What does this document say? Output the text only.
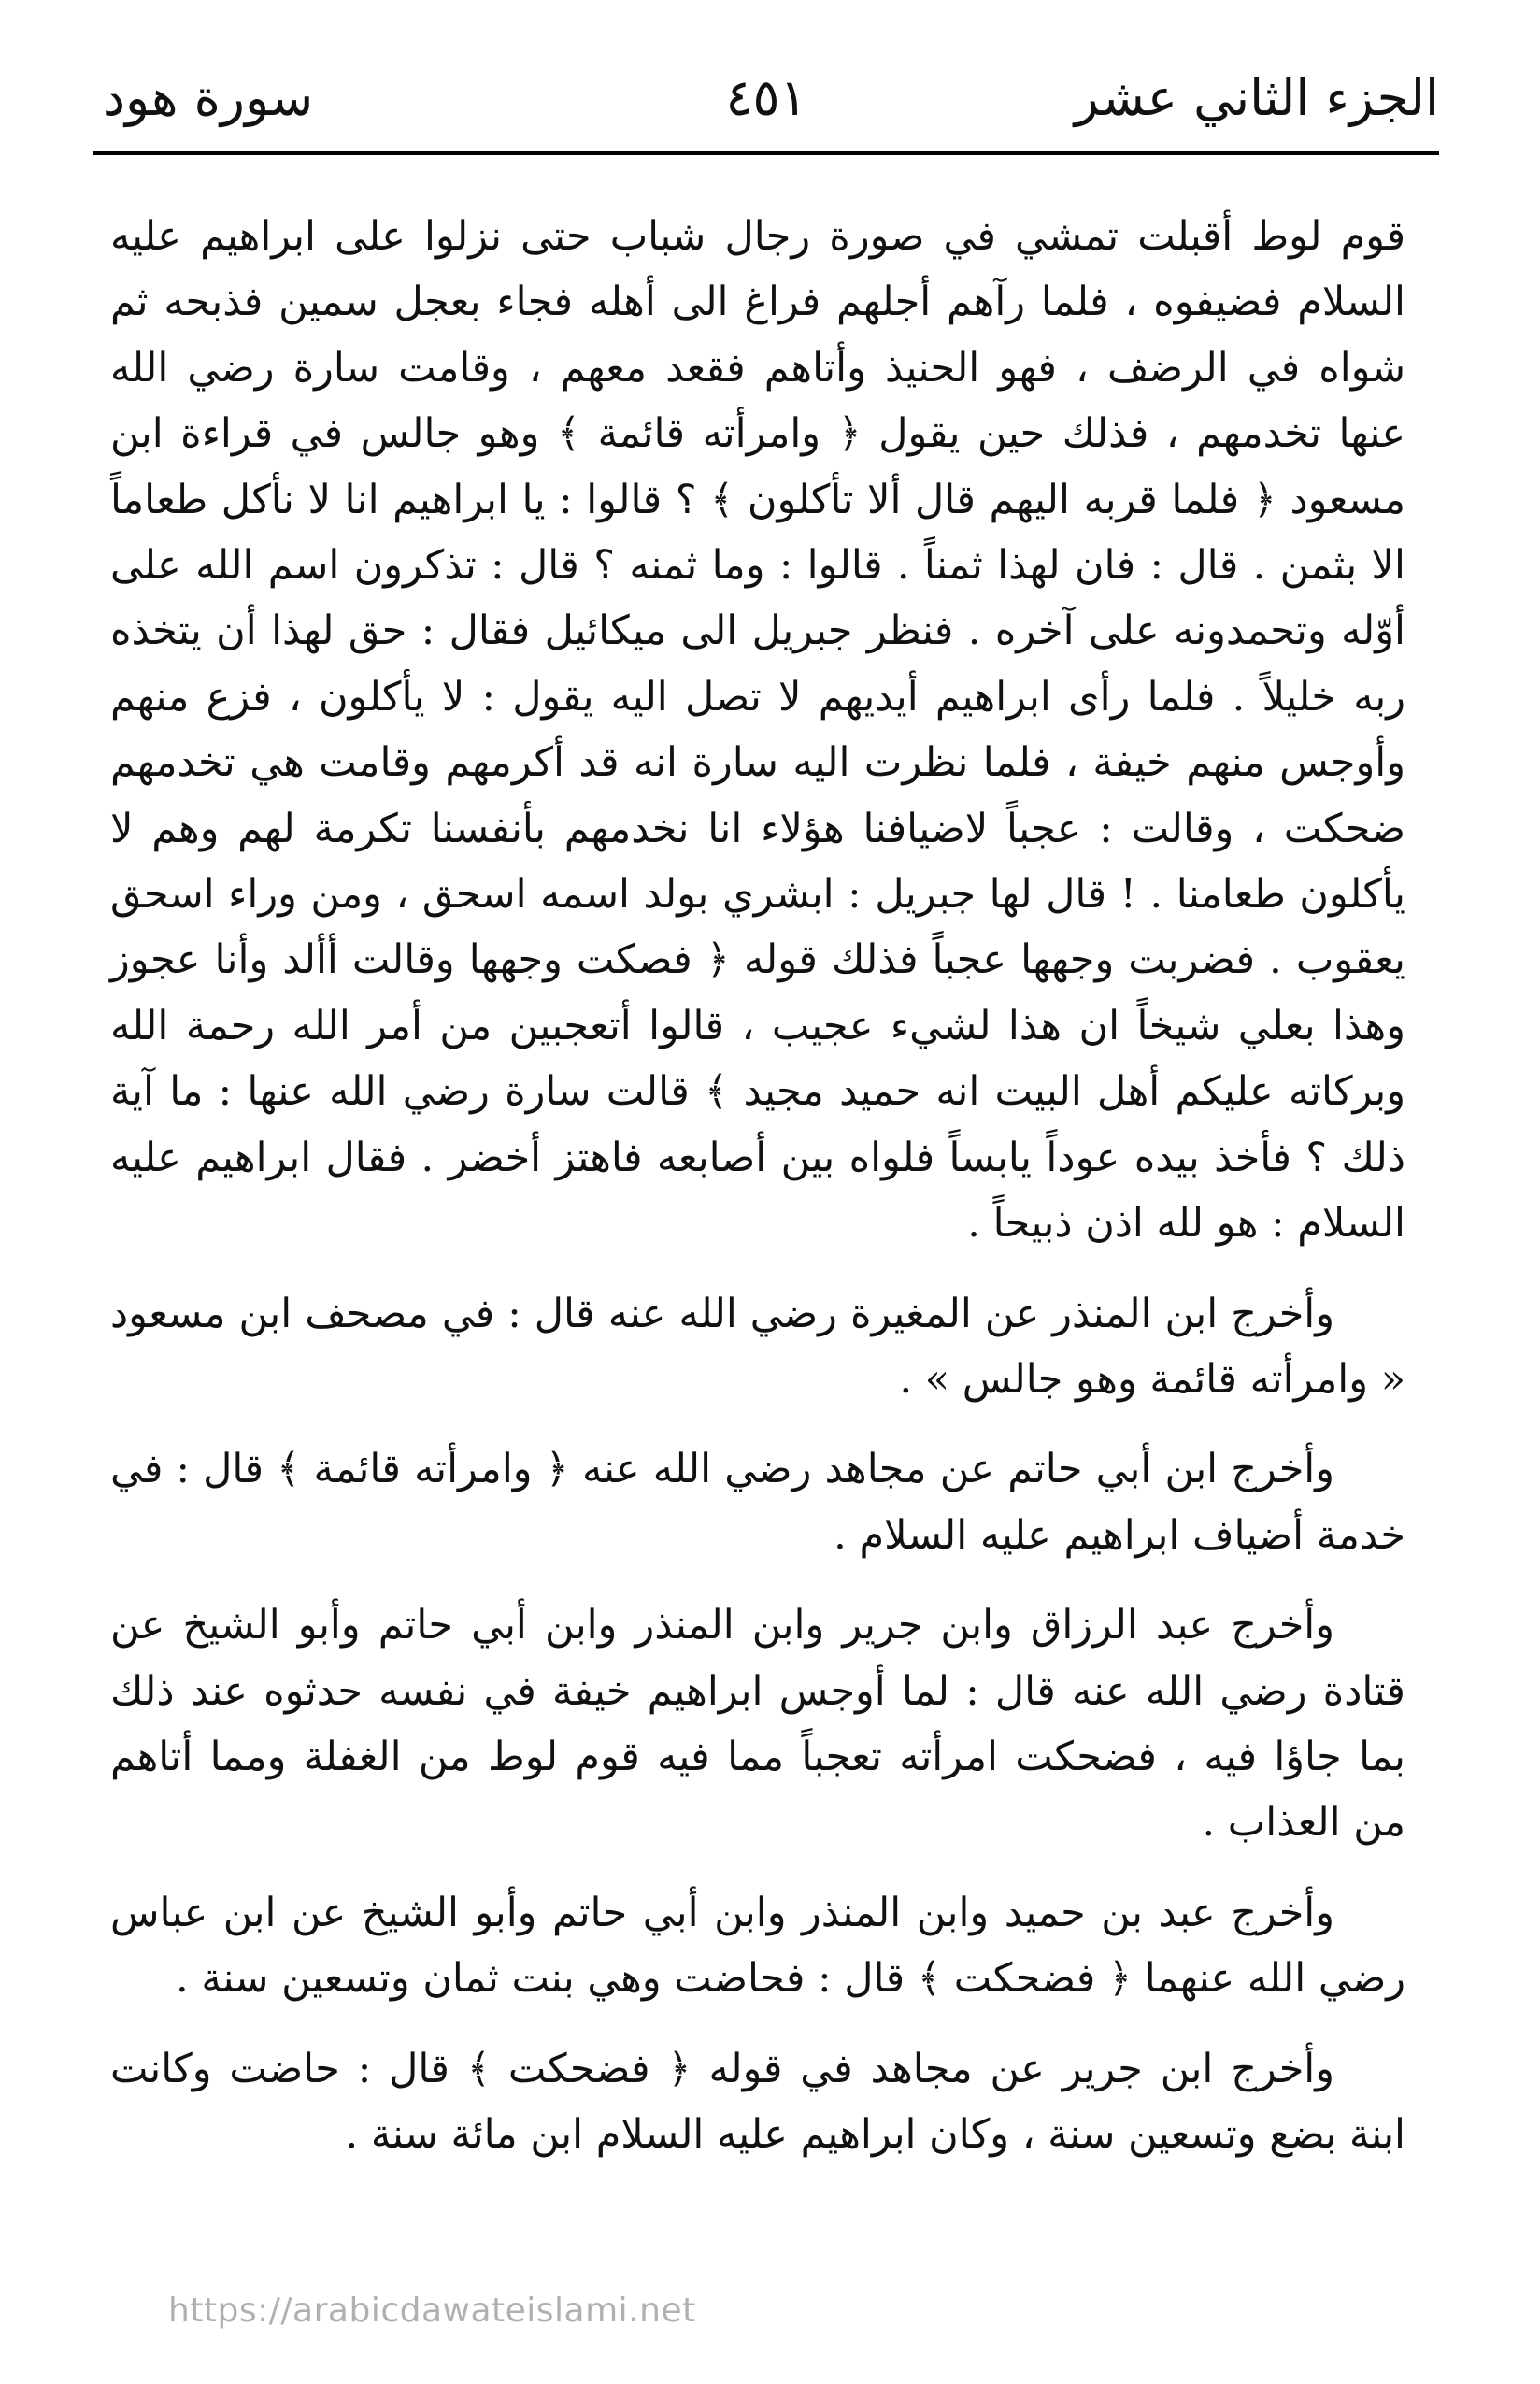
الجزء الثاني عشر
٤٥١
سورة هود

قوم لوط أقبلت تمشي في صورة رجال شباب حتى نزلوا على ابراهيم عليه السلام فضيفوه ، فلما رآهم أجلهم فراغ الى أهله فجاء بعجل سمين فذبحه ثم شواه في الرضف ، فهو الحنيذ وأتاهم فقعد معهم ، وقامت سارة رضي الله عنها تخدمهم ، فذلك حين يقول ﴿ وامرأته قائمة ﴾ وهو جالس في قراءة ابن مسعود ﴿ فلما قربه اليهم قال ألا تأكلون ﴾ ؟ قالوا : يا ابراهيم انا لا نأكل طعاماً الا بثمن . قال : فان لهذا ثمناً . قالوا : وما ثمنه ؟ قال : تذكرون اسم الله على أوّله وتحمدونه على آخره . فنظر جبريل الى ميكائيل فقال : حق لهذا أن يتخذه ربه خليلاً . فلما رأى ابراهيم أيديهم لا تصل اليه يقول : لا يأكلون ، فزع منهم وأوجس منهم خيفة ، فلما نظرت اليه سارة انه قد أكرمهم وقامت هي تخدمهم ضحكت ، وقالت : عجباً لاضيافنا هؤلاء انا نخدمهم بأنفسنا تكرمة لهم وهم لا يأكلون طعامنا . ! قال لها جبريل : ابشري بولد اسمه اسحق ، ومن وراء اسحق يعقوب . فضربت وجهها عجباً فذلك قوله ﴿ فصكت وجهها وقالت أألد وأنا عجوز وهذا بعلي شيخاً ان هذا لشيء عجيب ، قالوا أتعجبين من أمر الله رحمة الله وبركاته عليكم أهل البيت انه حميد مجيد ﴾ قالت سارة رضي الله عنها : ما آية ذلك ؟ فأخذ بيده عوداً يابساً فلواه بين أصابعه فاهتز أخضر . فقال ابراهيم عليه السلام : هو لله اذن ذبيحاً .

وأخرج ابن المنذر عن المغيرة رضي الله عنه قال : في مصحف ابن مسعود « وامرأته قائمة وهو جالس » .

وأخرج ابن أبي حاتم عن مجاهد رضي الله عنه ﴿ وامرأته قائمة ﴾ قال : في خدمة أضياف ابراهيم عليه السلام .

وأخرج عبد الرزاق وابن جرير وابن المنذر وابن أبي حاتم وأبو الشيخ عن قتادة رضي الله عنه قال : لما أوجس ابراهيم خيفة في نفسه حدثوه عند ذلك بما جاؤا فيه ، فضحكت امرأته تعجباً مما فيه قوم لوط من الغفلة ومما أتاهم من العذاب .

وأخرج عبد بن حميد وابن المنذر وابن أبي حاتم وأبو الشيخ عن ابن عباس رضي الله عنهما ﴿ فضحكت ﴾ قال : فحاضت وهي بنت ثمان وتسعين سنة .

وأخرج ابن جرير عن مجاهد في قوله ﴿ فضحكت ﴾ قال : حاضت وكانت ابنة بضع وتسعين سنة ، وكان ابراهيم عليه السلام ابن مائة سنة .

https://arabicdawateislami.net
